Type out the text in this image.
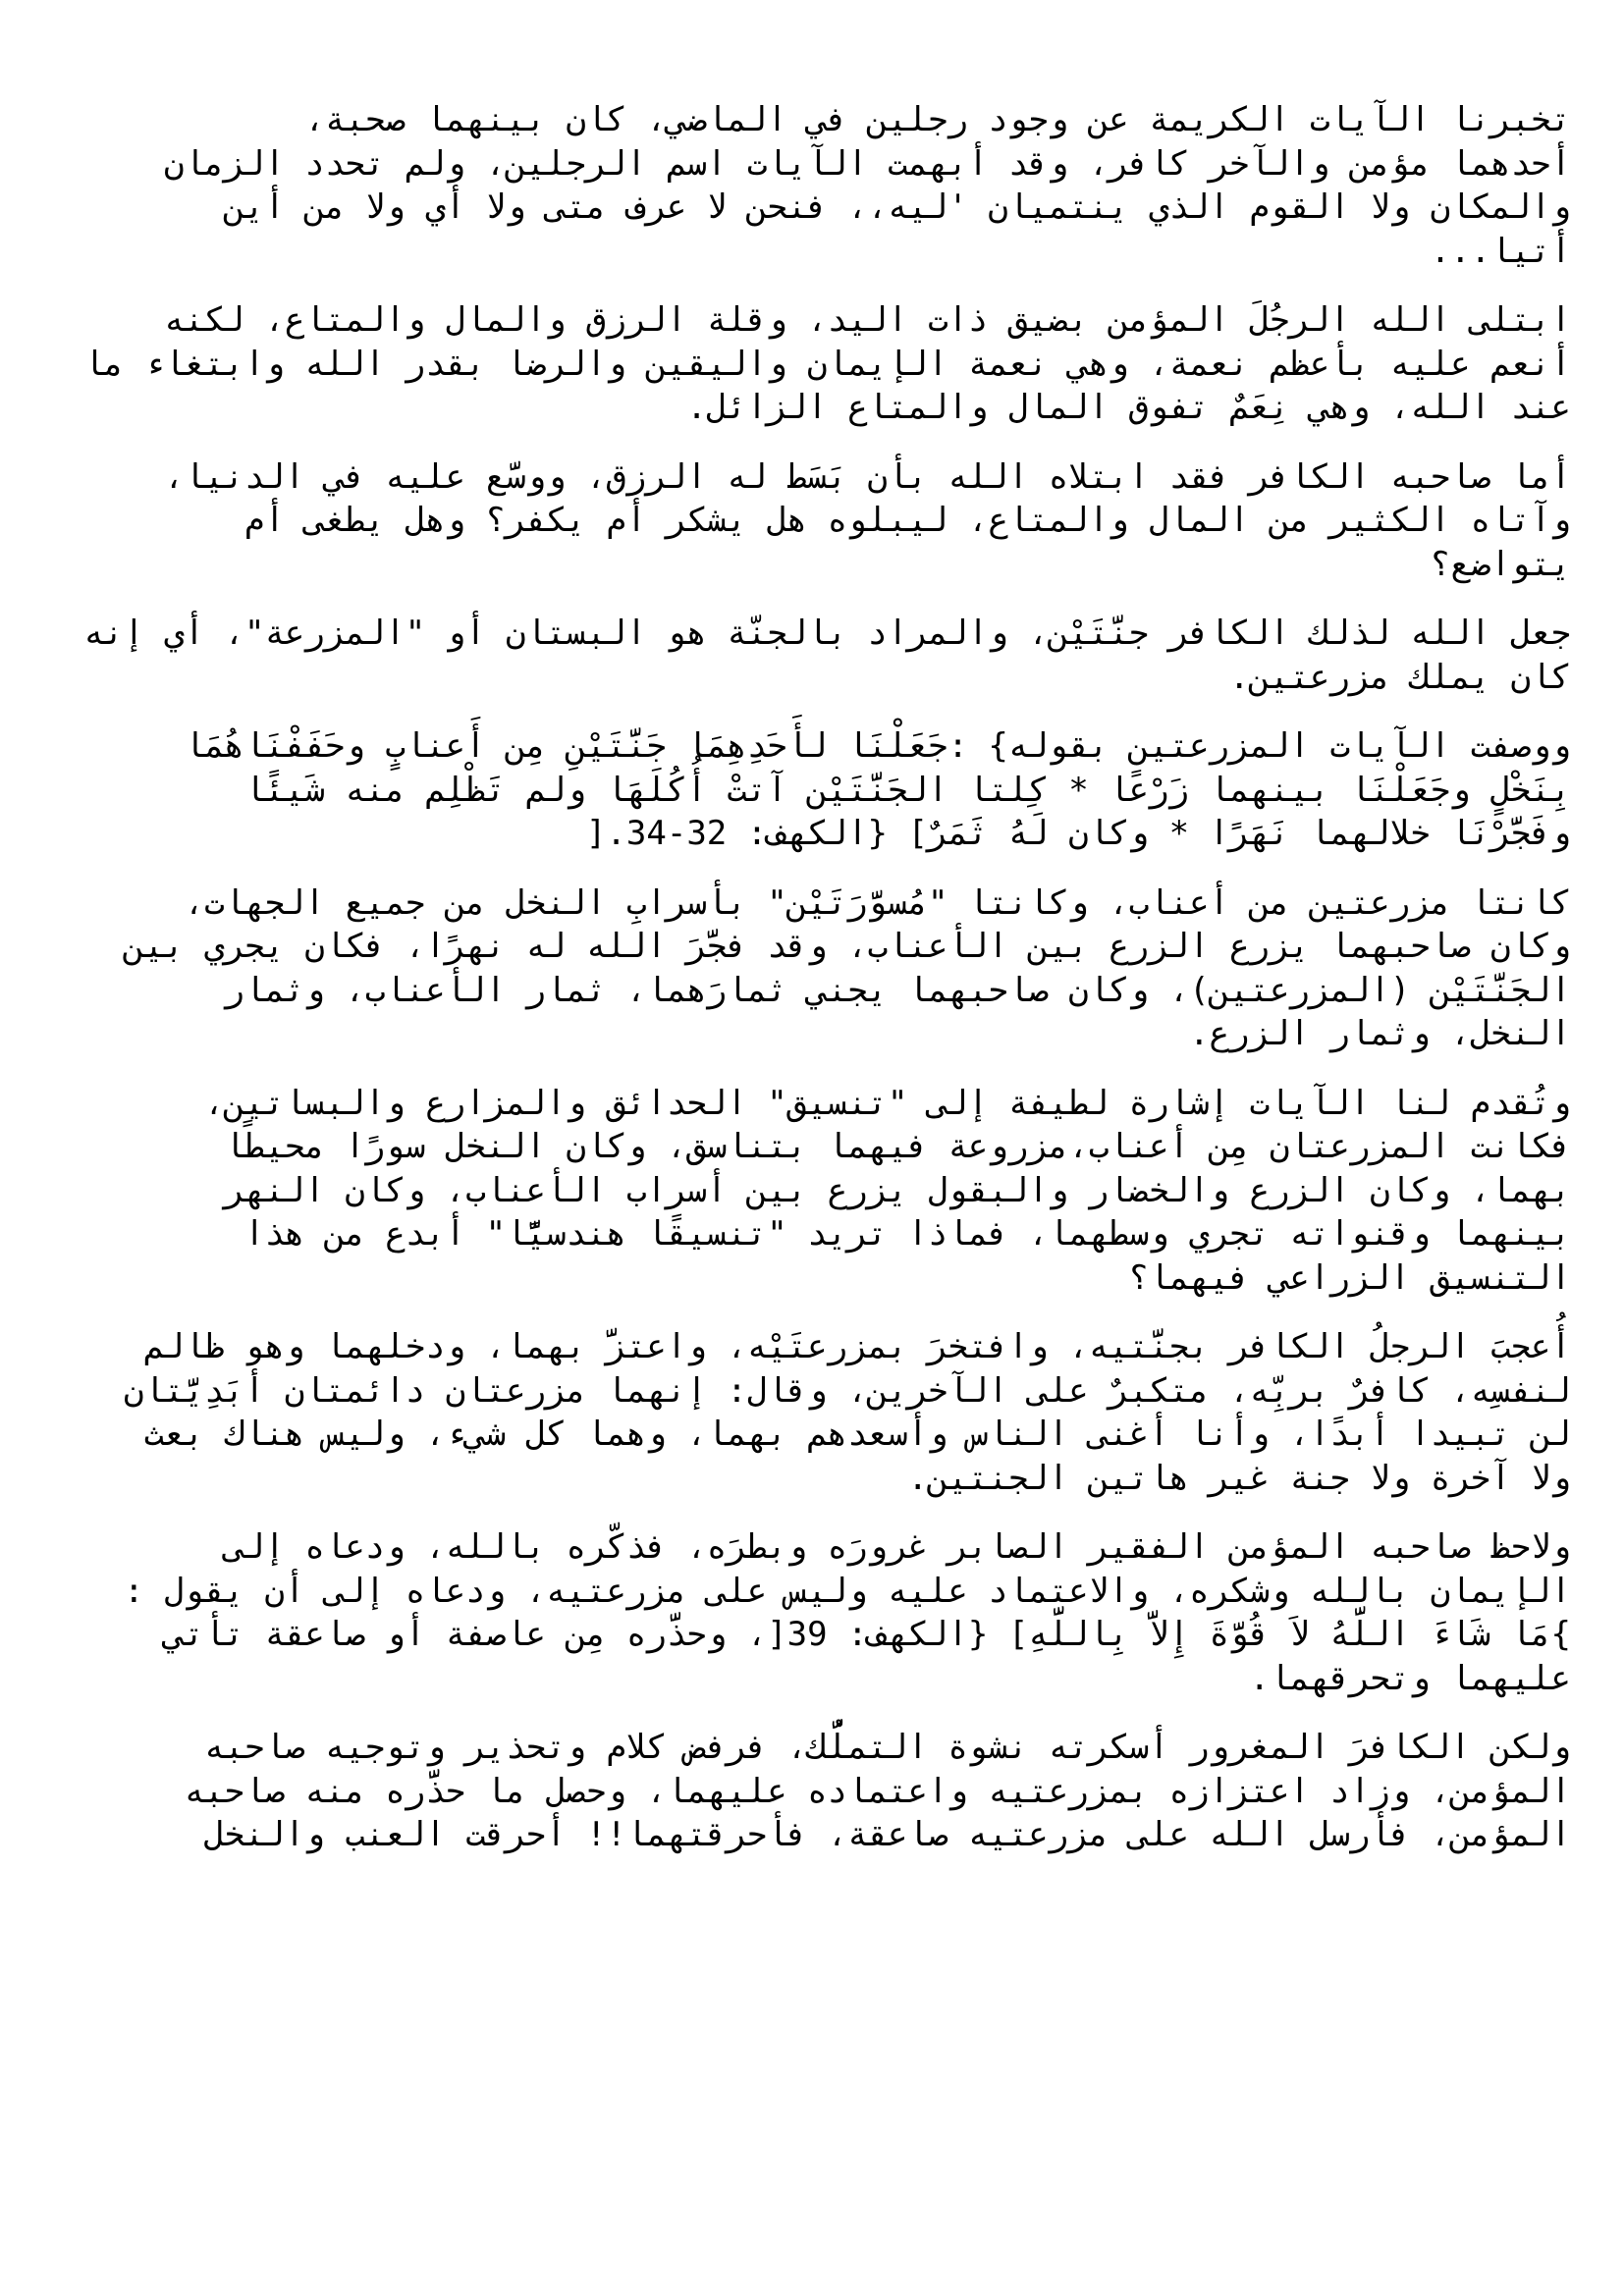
تخبرنا الآيات الكريمة عن وجود رجلين في الماضي، كان بينهما صحبة،
أحدهما مؤمن والآخر كافر، وقد أبهمت الآيات اسم الرجلين، ولم تحدد الزمان
والمكان ولا القوم الذي ينتميان 'ليه،، فنحن لا عرف متى ولا أي ولا من أين
أتيا...
ابتلى الله الرجُلَ المؤمن بضيق ذات اليد، وقلة الرزق والمال والمتاع، لكنه
أنعم عليه بأعظم نعمة، وهي نعمة الإيمان واليقين والرضا بقدر الله وابتغاء ما
عند الله، وهي نِعَمٌ تفوق المال والمتاع الزائل.
أما صاحبه الكافر فقد ابتلاه الله بأن بَسَط له الرزق، ووسَّع عليه في الدنيا،
وآتاه الكثير من المال والمتاع، ليبلوه هل يشكر أم يكفر؟ وهل يطغى أم
يتواضع؟
جعل الله لذلك الكافر جنَّتَيْن، والمراد بالجنّة هو البستان أو "المزرعة"، أي إنه
كان يملك مزرعتين.
ووصفت الآيات المزرعتين بقوله} :جَعَلْنَا لأَحَدِهِمَا جَنَّتَيْنِ مِن أَعنابٍ وحَفَفْنَاهُمَا
بِنَخْلٍ وجَعَلْنَا بينهما زَرْعًا * كِلتا الجَنَّتَيْن آتتْ أُكُلَهَا ولم تَظْلِم منه شَيئًا
وفَجَّرْنَا خلالهما نَهَرًا * وكان لَهُ ثَمَرٌ] {الكهف: 32-34.[
كانتا مزرعتين من أعناب، وكانتا "مُسوَّرَتَيْن" بأسرابِ النخل من جميع الجهات،
وكان صاحبهما يزرع الزرع بين الأعناب، وقد فجَّرَ الله له نهرًا، فكان يجري بين
الجَنَّتَيْن (المزرعتين)، وكان صاحبهما يجني ثمارَهما، ثمار الأعناب، وثمار
النخل، وثمار الزرع.
وتُقدم لنا الآيات إشارة لطيفة إلى "تنسيق" الحدائق والمزارع والبساتين،
فكانت المزرعتان مِن أعناب،مزروعة فيهما بتناسق، وكان النخل سورًا محيطًا
بهما، وكان الزرع والخضار والبقول يزرع بين أسراب الأعناب، وكان النهر
بينهما وقنواته تجري وسطهما، فماذا تريد "تنسيقًا هندسيًّا" أبدع من هذا
التنسيق الزراعي فيهما؟
أُعجبَ الرجلُ الكافر بجنَّتيه، وافتخرَ بمزرعتَيْه، واعتزَّ بهما، ودخلهما وهو ظالم
لنفسِه، كافرٌ بربِّه، متكبرٌ على الآخرين، وقال: إنهما مزرعتان دائمتان أبَدِيَّتان
لن تبيدا أبدًا، وأنا أغنى الناس وأسعدهم بهما، وهما كل شيء، وليس هناك بعث
ولا آخرة ولا جنة غير هاتين الجنتين.
ولاحظ صاحبه المؤمن الفقير الصابر غرورَه وبطرَه، فذكّره بالله، ودعاه إلى
الإيمان بالله وشكره، والاعتماد عليه وليس على مزرعتيه، ودعاه إلى أن يقول :
}مَا شَاءَ اللَّهُ لاَ قُوَّةَ إِلاَّ بِاللَّهِ] {الكهف: 39[، وحذَّره مِن عاصفة أو صاعقة تأتي
عليهما وتحرقهما.
ولكن الكافرَ المغرور أسكرته نشوة التملُّك، فرفض كلام وتحذير وتوجيه صاحبه
المؤمن، وزاد اعتزازه بمزرعتيه واعتماده عليهما، وحصل ما حذَّره منه صاحبه
المؤمن، فأرسل الله على مزرعتيه صاعقة، فأحرقتهما!! أحرقت العنب والنخل
